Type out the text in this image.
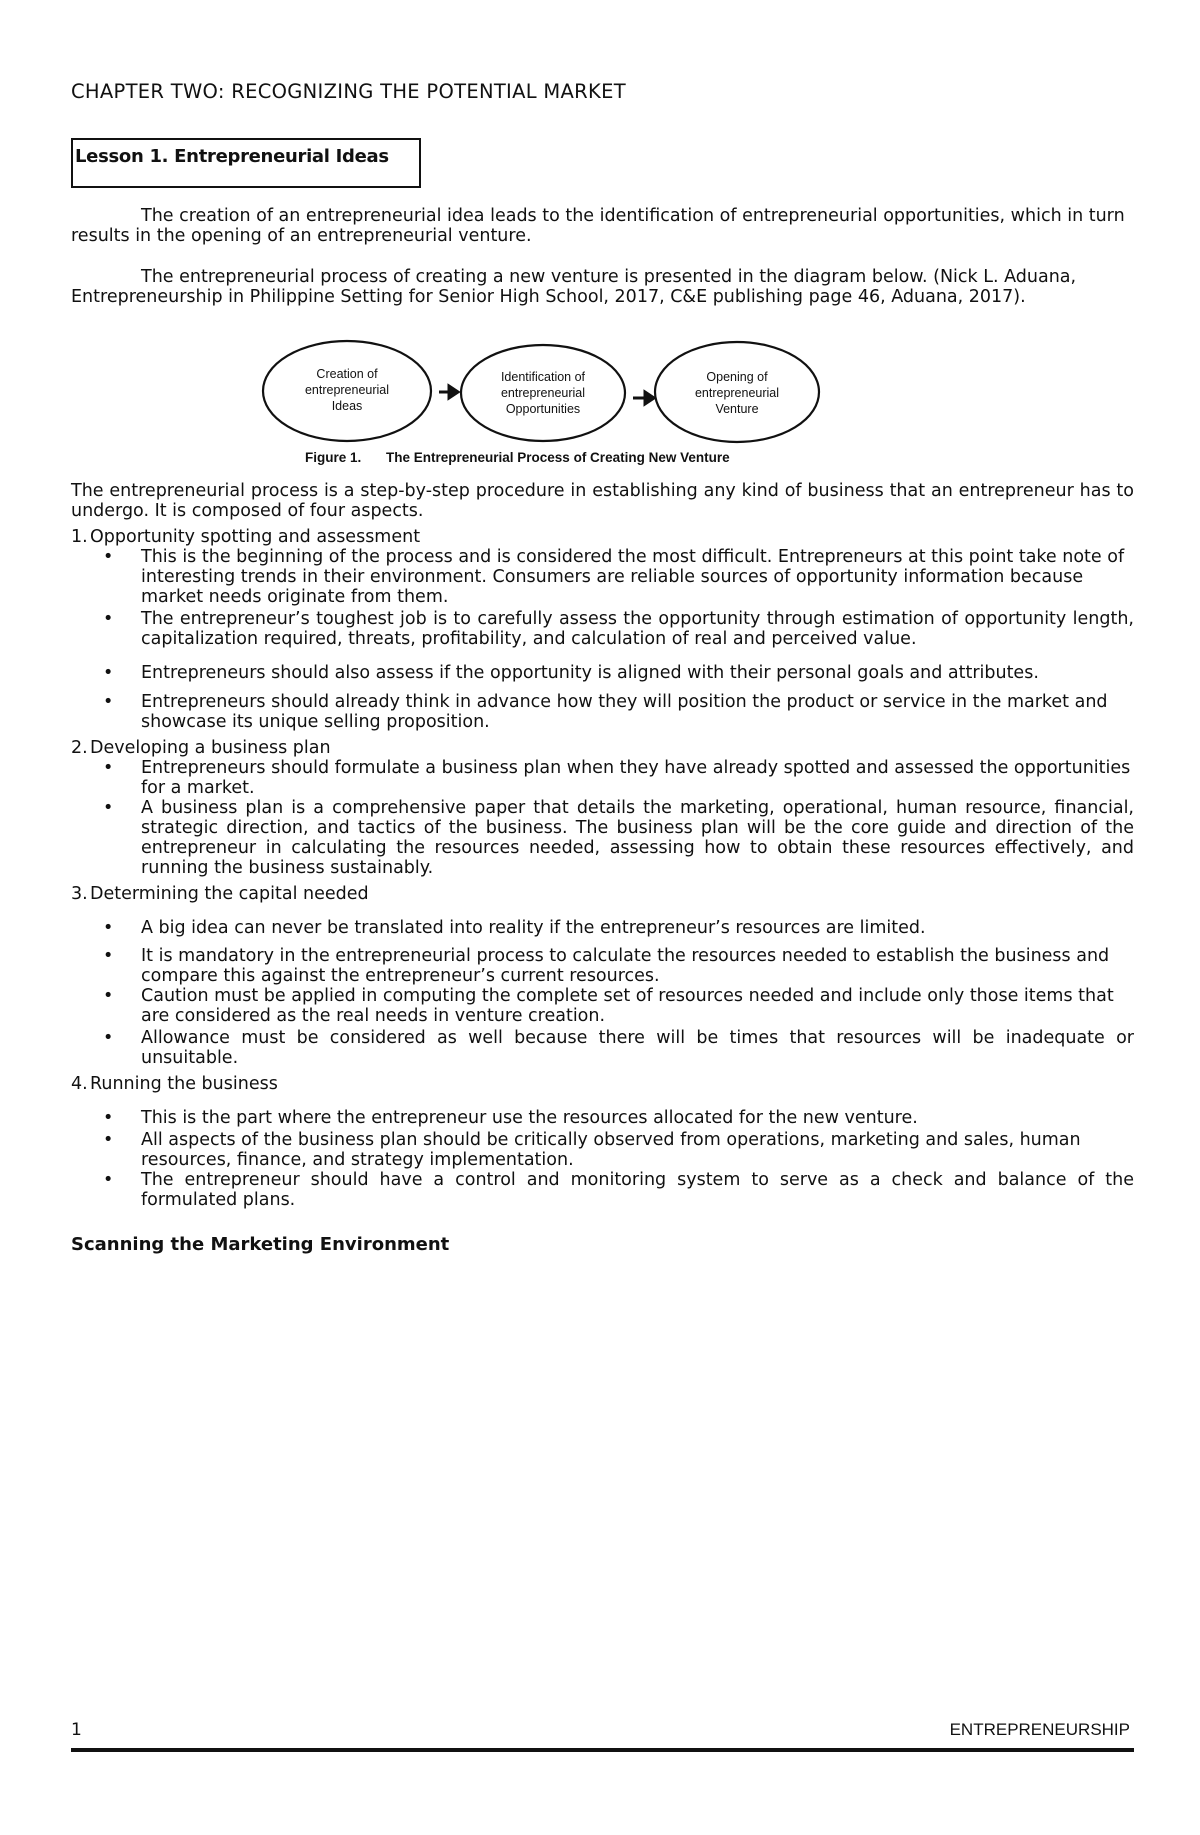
CHAPTER TWO: RECOGNIZING THE POTENTIAL MARKET
Lesson 1. Entrepreneurial Ideas

The creation of an entrepreneurial idea leads to the identification of entrepreneurial opportunities, which in turn results in the opening of an entrepreneurial venture.

The entrepreneurial process of creating a new venture is presented in the diagram below. (Nick L. Aduana, Entrepreneurship in Philippine Setting for Senior High School, 2017, C&E publishing page 46, Aduana, 2017).

Creation of
entrepreneurial
Ideas
Identification of
entrepreneurial
Opportunities
Opening of
entrepreneurial
Venture
Figure 1. The Entrepreneurial Process of Creating New Venture

The entrepreneurial process is a step-by-step procedure in establishing any kind of business that an entrepreneur has to undergo. It is composed of four aspects.

1. Opportunity spotting and assessment
• This is the beginning of the process and is considered the most difficult. Entrepreneurs at this point take note of interesting trends in their environment. Consumers are reliable sources of opportunity information because market needs originate from them.
• The entrepreneur’s toughest job is to carefully assess the opportunity through estimation of opportunity length, capitalization required, threats, profitability, and calculation of real and perceived value.
• Entrepreneurs should also assess if the opportunity is aligned with their personal goals and attributes.
• Entrepreneurs should already think in advance how they will position the product or service in the market and showcase its unique selling proposition.
2. Developing a business plan
• Entrepreneurs should formulate a business plan when they have already spotted and assessed the opportunities for a market.
• A business plan is a comprehensive paper that details the marketing, operational, human resource, financial, strategic direction, and tactics of the business. The business plan will be the core guide and direction of the entrepreneur in calculating the resources needed, assessing how to obtain these resources effectively, and running the business sustainably.
3. Determining the capital needed
• A big idea can never be translated into reality if the entrepreneur’s resources are limited.
• It is mandatory in the entrepreneurial process to calculate the resources needed to establish the business and compare this against the entrepreneur’s current resources.
• Caution must be applied in computing the complete set of resources needed and include only those items that are considered as the real needs in venture creation.
• Allowance must be considered as well because there will be times that resources will be inadequate or unsuitable.
4. Running the business
• This is the part where the entrepreneur use the resources allocated for the new venture.
• All aspects of the business plan should be critically observed from operations, marketing and sales, human resources, finance, and strategy implementation.
• The entrepreneur should have a control and monitoring system to serve as a check and balance of the formulated plans.
Scanning the Marketing Environment
1	ENTREPRENEURSHIP
